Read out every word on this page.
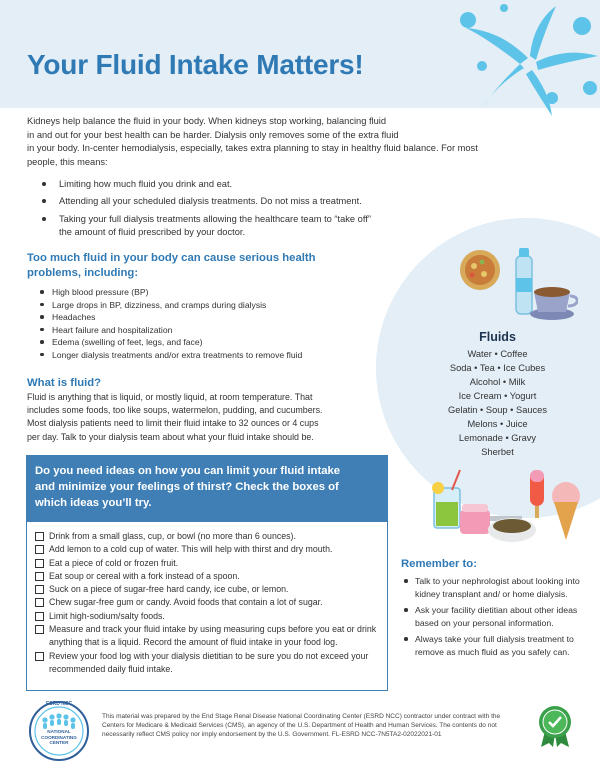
Your Fluid Intake Matters!
Kidneys help balance the fluid in your body. When kidneys stop working, balancing fluid
in and out for your best health can be harder. Dialysis only removes some of the extra fluid
in your body. In-center hemodialysis, especially, takes extra planning to stay in healthy fluid balance. For most
people, this means:
Limiting how much fluid you drink and eat.
Attending all your scheduled dialysis treatments. Do not miss a treatment.
Taking your full dialysis treatments allowing the healthcare team to “take off”
the amount of fluid prescribed by your doctor.
Fluids
Water • Coffee
Soda • Tea • Ice Cubes
Alcohol • Milk
Ice Cream • Yogurt
Gelatin • Soup • Sauces
Melons • Juice
Lemonade • Gravy
Sherbet
Too much fluid in your body can cause serious health problems, including:
High blood pressure (BP)
Large drops in BP, dizziness, and cramps during dialysis
Headaches
Heart failure and hospitalization
Edema (swelling of feet, legs, and face)
Longer dialysis treatments and/or extra treatments to remove fluid
What is fluid?
Fluid is anything that is liquid, or mostly liquid, at room temperature. That
includes some foods, too like soups, watermelon, pudding, and cucumbers.
Most dialysis patients need to limit their fluid intake to 32 ounces or 4 cups
per day. Talk to your dialysis team about what your fluid intake should be.
Do you need ideas on how you can limit your fluid intake
and minimize your feelings of thirst? Check the boxes of
which ideas you’ll try.
Drink from a small glass, cup, or bowl (no more than 6 ounces).
Add lemon to a cold cup of water. This will help with thirst and dry mouth.
Eat a piece of cold or frozen fruit.
Eat soup or cereal with a fork instead of a spoon.
Suck on a piece of sugar-free hard candy, ice cube, or lemon.
Chew sugar-free gum or candy. Avoid foods that contain a lot of sugar.
Limit high-sodium/salty foods.
Measure and track your fluid intake by using measuring cups before you eat or drink anything that is a liquid. Record the amount of fluid intake in your food log.
Review your food log with your dialysis dietitian to be sure you do not exceed your recommended daily fluid intake.
Remember to:
Talk to your nephrologist about looking into kidney transplant and/ or home dialysis.
Ask your facility dietitian about other ideas based on your personal information.
Always take your full dialysis treatment to remove as much fluid as you safely can.
ESRD NCC
NATIONAL
COORDINATING
CENTER
This material was prepared by the End Stage Renal Disease National Coordinating Center (ESRD NCC) contractor under contract with the Centers for Medicare & Medicaid Services (CMS), an agency of the U.S. Department of Health and Human Services. The contents do not necessarily reflect CMS policy nor imply endorsement by the U.S. Government. FL-ESRD NCC-7N5TA2-02022021-01
